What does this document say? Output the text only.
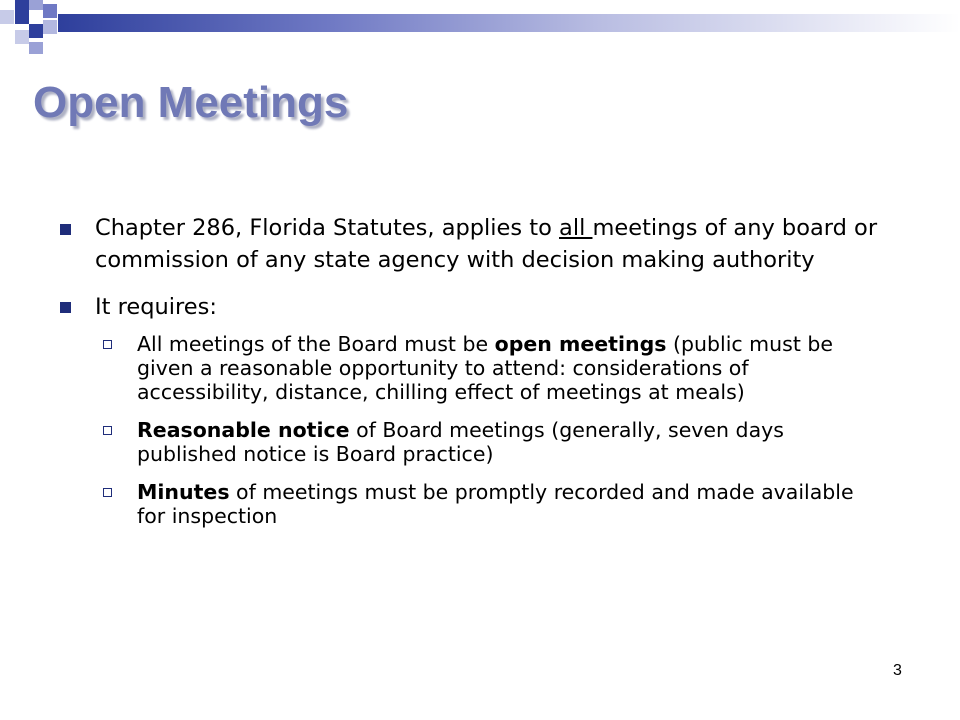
Open Meetings
Chapter 286, Florida Statutes, applies to all meetings of any board or commission of any state agency with decision making authority
It requires:
All meetings of the Board must be open meetings (public must be given a reasonable opportunity to attend: considerations of accessibility, distance, chilling effect of meetings at meals)
Reasonable notice of Board meetings (generally, seven days published notice is Board practice)
Minutes of meetings must be promptly recorded and made available for inspection
3
